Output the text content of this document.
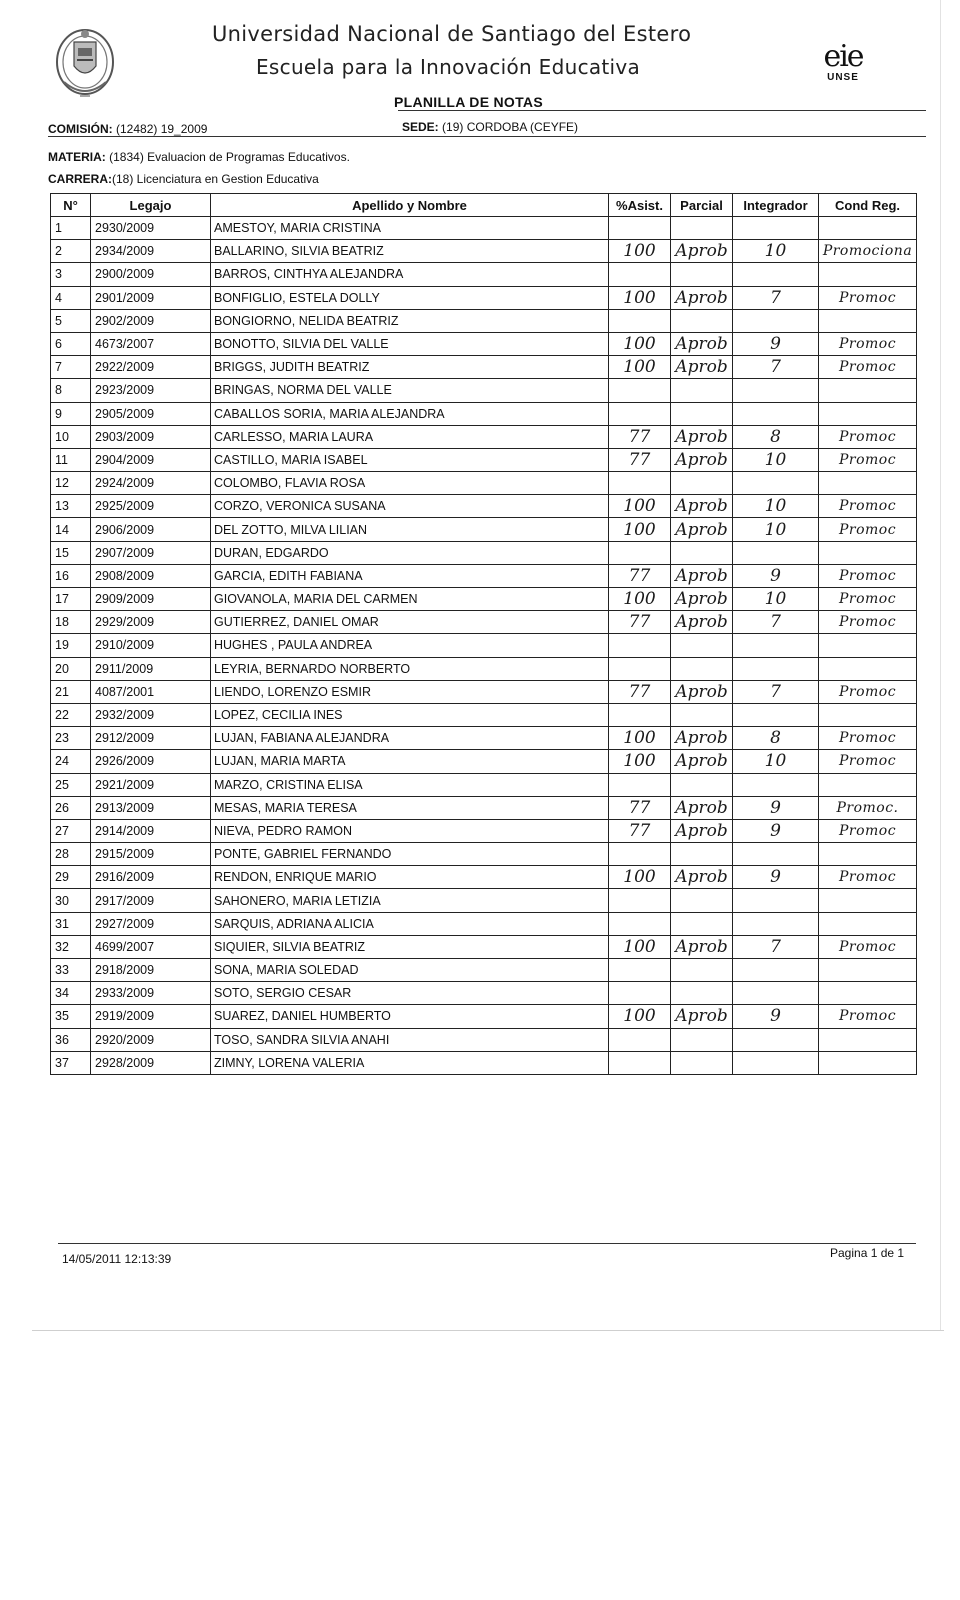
eie
UNSE
Universidad Nacional de Santiago del Estero
Escuela para la Innovación Educativa
PLANILLA DE NOTAS
COMISIÓN: (12482) 19_2009	SEDE: (19) CORDOBA (CEYFE)
MATERIA: (1834) Evaluacion de Programas Educativos.
CARRERA:(18) Licenciatura en Gestion Educativa
N°	Legajo	Apellido y Nombre	%Asist.	Parcial	Integrador	Cond Reg.
1	2930/2009	AMESTOY, MARIA CRISTINA				
2	2934/2009	BALLARINO, SILVIA BEATRIZ	100	Aprob	10	Promociona
3	2900/2009	BARROS, CINTHYA ALEJANDRA				
4	2901/2009	BONFIGLIO, ESTELA DOLLY	100	Aprob	7	Promoc
5	2902/2009	BONGIORNO, NELIDA BEATRIZ				
6	4673/2007	BONOTTO, SILVIA DEL VALLE	100	Aprob	9	Promoc
7	2922/2009	BRIGGS, JUDITH BEATRIZ	100	Aprob	7	Promoc
8	2923/2009	BRINGAS, NORMA DEL VALLE				
9	2905/2009	CABALLOS SORIA, MARIA ALEJANDRA				
10	2903/2009	CARLESSO, MARIA LAURA	77	Aprob	8	Promoc
11	2904/2009	CASTILLO, MARIA ISABEL	77	Aprob	10	Promoc
12	2924/2009	COLOMBO, FLAVIA ROSA				
13	2925/2009	CORZO, VERONICA SUSANA	100	Aprob	10	Promoc
14	2906/2009	DEL ZOTTO, MILVA LILIAN	100	Aprob	10	Promoc
15	2907/2009	DURAN, EDGARDO				
16	2908/2009	GARCIA, EDITH FABIANA	77	Aprob	9	Promoc
17	2909/2009	GIOVANOLA, MARIA DEL CARMEN	100	Aprob	10	Promoc
18	2929/2009	GUTIERREZ, DANIEL OMAR	77	Aprob	7	Promoc
19	2910/2009	HUGHES , PAULA ANDREA				
20	2911/2009	LEYRIA, BERNARDO NORBERTO				
21	4087/2001	LIENDO, LORENZO ESMIR	77	Aprob	7	Promoc
22	2932/2009	LOPEZ, CECILIA INES				
23	2912/2009	LUJAN, FABIANA ALEJANDRA	100	Aprob	8	Promoc
24	2926/2009	LUJAN, MARIA MARTA	100	Aprob	10	Promoc
25	2921/2009	MARZO, CRISTINA ELISA				
26	2913/2009	MESAS, MARIA TERESA	77	Aprob	9	Promoc.
27	2914/2009	NIEVA, PEDRO RAMON	77	Aprob	9	Promoc
28	2915/2009	PONTE, GABRIEL FERNANDO				
29	2916/2009	RENDON, ENRIQUE MARIO	100	Aprob	9	Promoc
30	2917/2009	SAHONERO, MARIA LETIZIA				
31	2927/2009	SARQUIS, ADRIANA ALICIA				
32	4699/2007	SIQUIER, SILVIA BEATRIZ	100	Aprob	7	Promoc
33	2918/2009	SONA, MARIA SOLEDAD				
34	2933/2009	SOTO, SERGIO CESAR				
35	2919/2009	SUAREZ, DANIEL HUMBERTO	100	Aprob	9	Promoc
36	2920/2009	TOSO, SANDRA SILVIA ANAHI				
37	2928/2009	ZIMNY, LORENA VALERIA				
14/05/2011 12:13:39	Pagina 1 de 1
